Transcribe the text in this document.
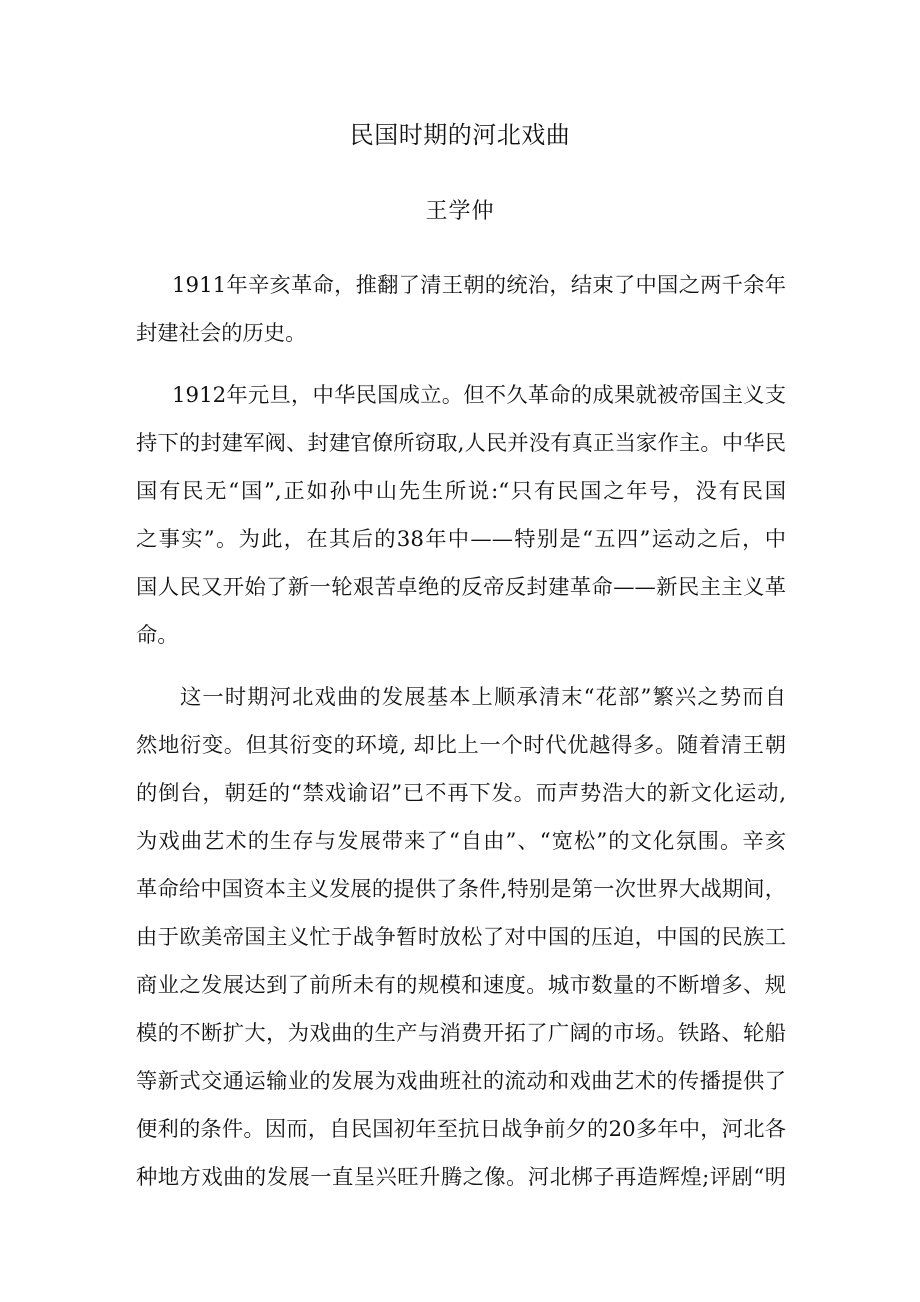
民国时期的河北戏曲
王学仲
1911年辛亥革命，推翻了清王朝的统治，结束了中国之两千余年
封建社会的历史。
1912年元旦，中华民国成立。但不久革命的成果就被帝国主义支
持下的封建军阀、封建官僚所窃取,人民并没有真正当家作主。中华民
国有民无“国”,正如孙中山先生所说:“只有民国之年号，没有民国
之事实”。为此，在其后的38年中——特别是“五四”运动之后，中
国人民又开始了新一轮艰苦卓绝的反帝反封建革命——新民主主义革
命。
这一时期河北戏曲的发展基本上顺承清末“花部”繁兴之势而自
然地衍变。但其衍变的环境, 却比上一个时代优越得多。随着清王朝
的倒台，朝廷的“禁戏谕诏”已不再下发。而声势浩大的新文化运动,
为戏曲艺术的生存与发展带来了“自由”、“宽松”的文化氛围。辛亥
革命给中国资本主义发展的提供了条件,特别是第一次世界大战期间，
由于欧美帝国主义忙于战争暂时放松了对中国的压迫，中国的民族工
商业之发展达到了前所未有的规模和速度。城市数量的不断增多、规
模的不断扩大，为戏曲的生产与消费开拓了广阔的市场。铁路、轮船
等新式交通运输业的发展为戏曲班社的流动和戏曲艺术的传播提供了
便利的条件。因而，自民国初年至抗日战争前夕的20多年中，河北各
种地方戏曲的发展一直呈兴旺升腾之像。河北梆子再造辉煌;评剧“明
